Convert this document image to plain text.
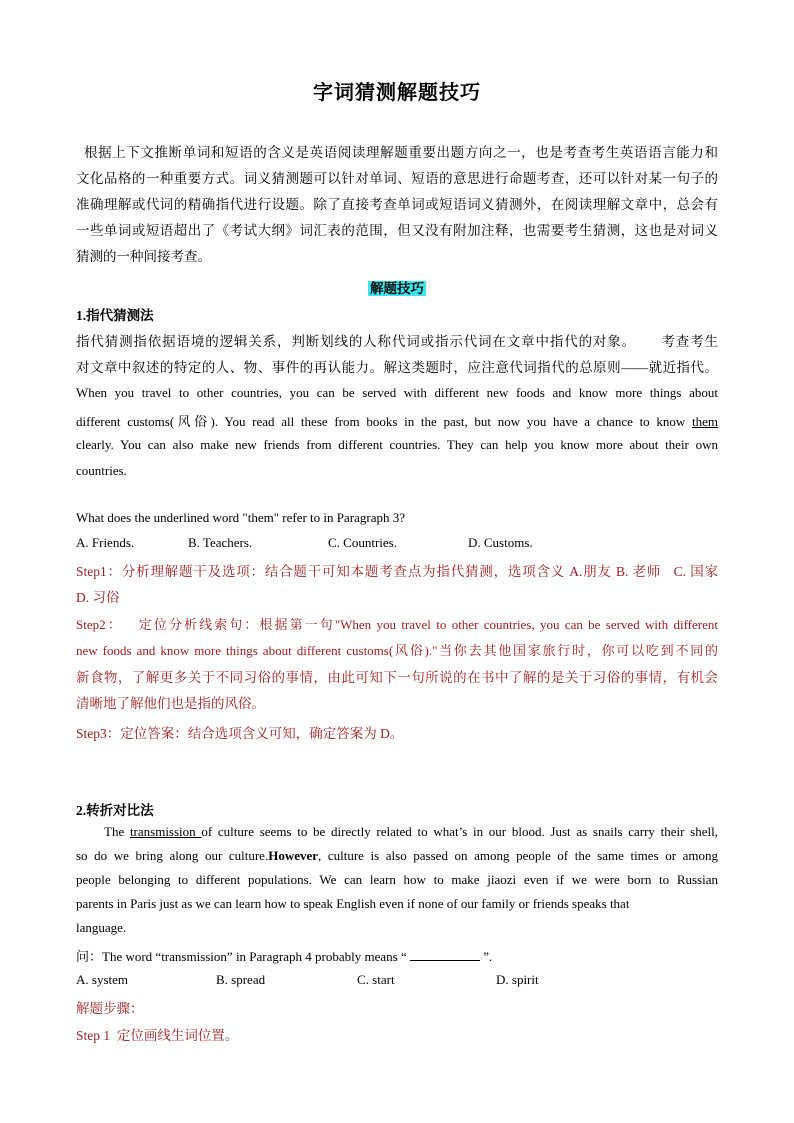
字词猜测解题技巧
根据上下文推断单词和短语的含义是英语阅读理解题重要出题方向之一，也是考查考生英语语言能力和
文化品格的一种重要方式。词义猜测题可以针对单词、短语的意思进行命题考查，还可以针对某一句子的
准确理解或代词的精确指代进行设题。除了直接考查单词或短语词义猜测外，在阅读理解文章中，总会有
一些单词或短语超出了《考试大纲》词汇表的范围，但又没有附加注释，也需要考生猜测，这也是对词义
猜测的一种间接考查。
解题技巧
1.指代猜测法
指代猜测指依据语境的逻辑关系，判断划线的人称代词或指示代词在文章中指代的对象。      考查考生
对文章中叙述的特定的人、物、事件的再认能力。解这类题时，应注意代词指代的总原则——就近指代。
When you travel to other countries, you can be served with different new foods and know more things about
different customs(风俗). You read all these from books in the past, but now you have a chance to know them
clearly. You can also make new friends from different countries. They can help you know more about their own
countries.
What does the underlined word "them" refer to in Paragraph 3?
A. Friends.	B. Teachers.	C. Countries.	D. Customs.
Step1：分析理解题干及选项：结合题干可知本题考查点为指代猜测，选项含义 A.朋友 B. 老师   C. 国家
D. 习俗
Step2：   定位分析线索句：根据第一句"When you travel to other countries, you can be served with different
new foods and know more things about different customs(风俗)."当你去其他国家旅行时，你可以吃到不同的
新食物，了解更多关于不同习俗的事情，由此可知下一句所说的在书中了解的是关于习俗的事情，有机会
清晰地了解他们也是指的风俗。
Step3：定位答案：结合选项含义可知，确定答案为 D。
2.转折对比法
The transmission of culture seems to be directly related to what’s in our blood. Just as snails carry their shell,
so do we bring along our culture.However, culture is also passed on among people of the same times or among
people belonging to different populations. We can learn how to make jiaozi even if we were born to Russian
parents in Paris just as we can learn how to speak English even if none of our family or friends speaks that
language.
问：The word “transmission” in Paragraph 4 probably means “	”.
A. system	B. spread	C. start	D. spirit
解题步骤：
Step 1  定位画线生词位置。
